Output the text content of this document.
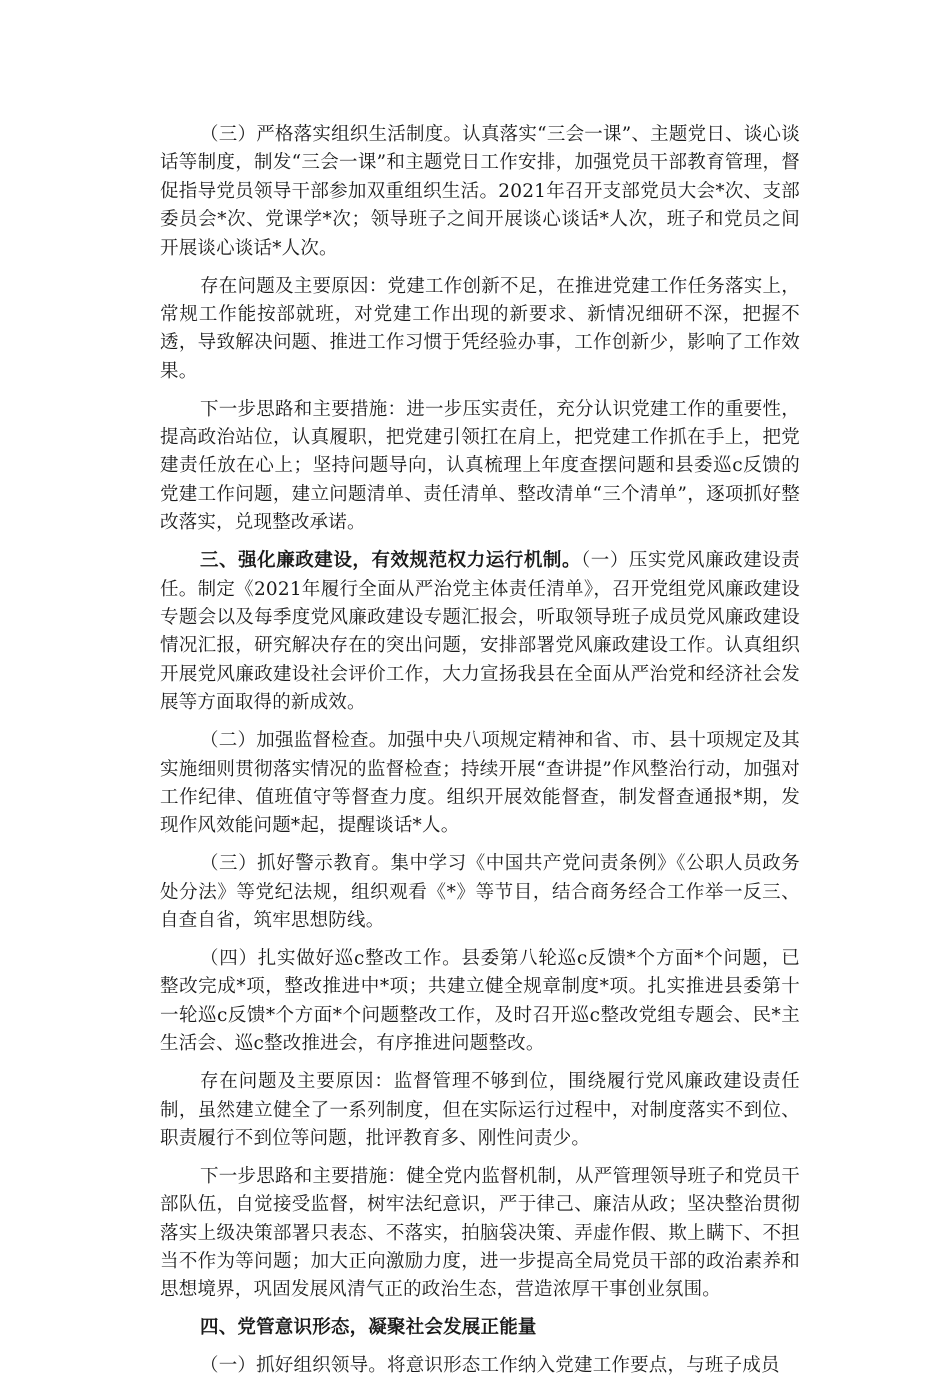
（三）严格落实组织生活制度。认真落实“三会一课”、主题党日、谈心谈话等制度，制发“三会一课”和主题党日工作安排，加强党员干部教育管理，督促指导党员领导干部参加双重组织生活。2021年召开支部党员大会*次、支部委员会*次、党课学*次；领导班子之间开展谈心谈话*人次，班子和党员之间开展谈心谈话*人次。

存在问题及主要原因：党建工作创新不足，在推进党建工作任务落实上，常规工作能按部就班，对党建工作出现的新要求、新情况细研不深，把握不透，导致解决问题、推进工作习惯于凭经验办事，工作创新少，影响了工作效果。

下一步思路和主要措施：进一步压实责任，充分认识党建工作的重要性，提高政治站位，认真履职，把党建引领扛在肩上，把党建工作抓在手上，把党建责任放在心上；坚持问题导向，认真梳理上年度查摆问题和县委巡c反馈的党建工作问题，建立问题清单、责任清单、整改清单“三个清单”，逐项抓好整改落实，兑现整改承诺。

三、强化廉政建设，有效规范权力运行机制。（一）压实党风廉政建设责任。制定《2021年履行全面从严治党主体责任清单》，召开党组党风廉政建设专题会以及每季度党风廉政建设专题汇报会，听取领导班子成员党风廉政建设情况汇报，研究解决存在的突出问题，安排部署党风廉政建设工作。认真组织开展党风廉政建设社会评价工作，大力宣扬我县在全面从严治党和经济社会发展等方面取得的新成效。

（二）加强监督检查。加强中央八项规定精神和省、市、县十项规定及其实施细则贯彻落实情况的监督检查；持续开展“查讲提”作风整治行动，加强对工作纪律、值班值守等督查力度。组织开展效能督查，制发督查通报*期，发现作风效能问题*起，提醒谈话*人。

（三）抓好警示教育。集中学习《中国共产党问责条例》《公职人员政务处分法》等党纪法规，组织观看《*》等节目，结合商务经合工作举一反三、自查自省，筑牢思想防线。

（四）扎实做好巡c整改工作。县委第八轮巡c反馈*个方面*个问题，已整改完成*项，整改推进中*项；共建立健全规章制度*项。扎实推进县委第十一轮巡c反馈*个方面*个问题整改工作，及时召开巡c整改党组专题会、民*主生活会、巡c整改推进会，有序推进问题整改。

存在问题及主要原因：监督管理不够到位，围绕履行党风廉政建设责任制，虽然建立健全了一系列制度，但在实际运行过程中，对制度落实不到位、职责履行不到位等问题，批评教育多、刚性问责少。

下一步思路和主要措施：健全党内监督机制，从严管理领导班子和党员干部队伍，自觉接受监督，树牢法纪意识，严于律己、廉洁从政；坚决整治贯彻落实上级决策部署只表态、不落实，拍脑袋决策、弄虚作假、欺上瞒下、不担当不作为等问题；加大正向激励力度，进一步提高全局党员干部的政治素养和思想境界，巩固发展风清气正的政治生态，营造浓厚干事创业氛围。

四、党管意识形态，凝聚社会发展正能量

（一）抓好组织领导。将意识形态工作纳入党建工作要点，与班子成员
